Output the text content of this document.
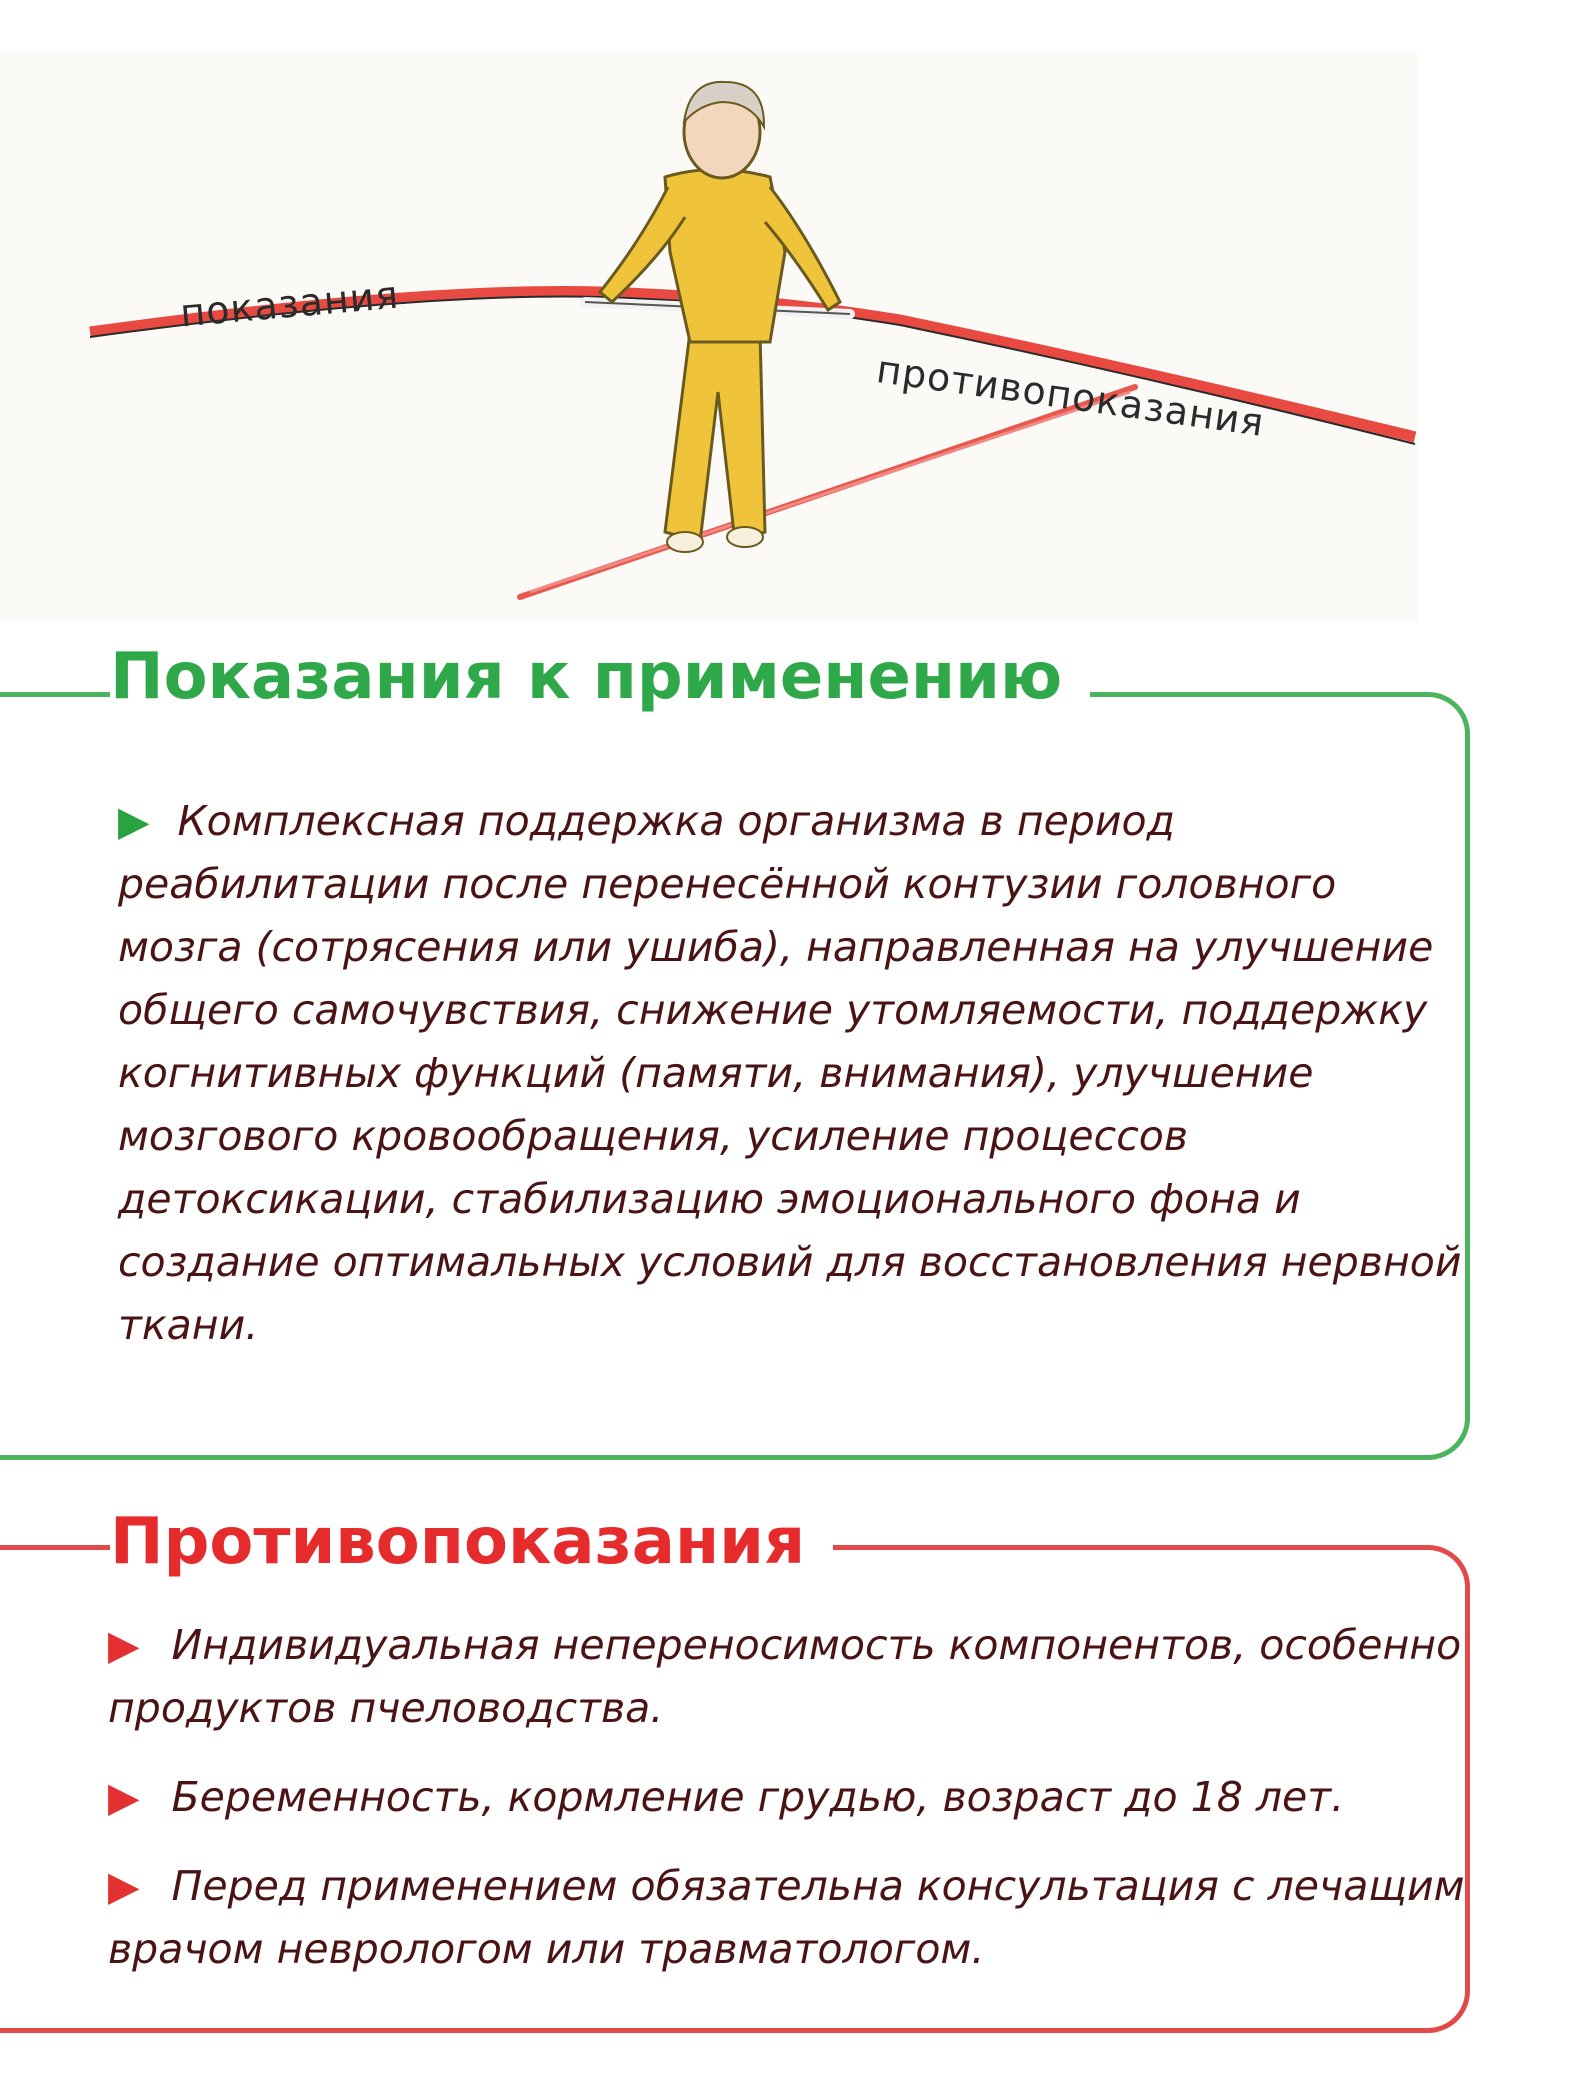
показания
противопоказания
Показания к применению
▶ Комплексная поддержка организма в период реабилитации после перенесённой контузии головного мозга (сотрясения или ушиба), направленная на улучшение общего самочувствия, снижение утомляемости, поддержку когнитивных функций (памяти, внимания), улучшение мозгового кровообращения, усиление процессов детоксикации, стабилизацию эмоционального фона и создание оптимальных условий для восстановления нервной ткани.
Противопоказания
▶ Индивидуальная непереносимость компонентов, особенно продуктов пчеловодства.
▶ Беременность, кормление грудью, возраст до 18 лет.
▶ Перед применением обязательна консультация с лечащим врачом неврологом или травматологом.
